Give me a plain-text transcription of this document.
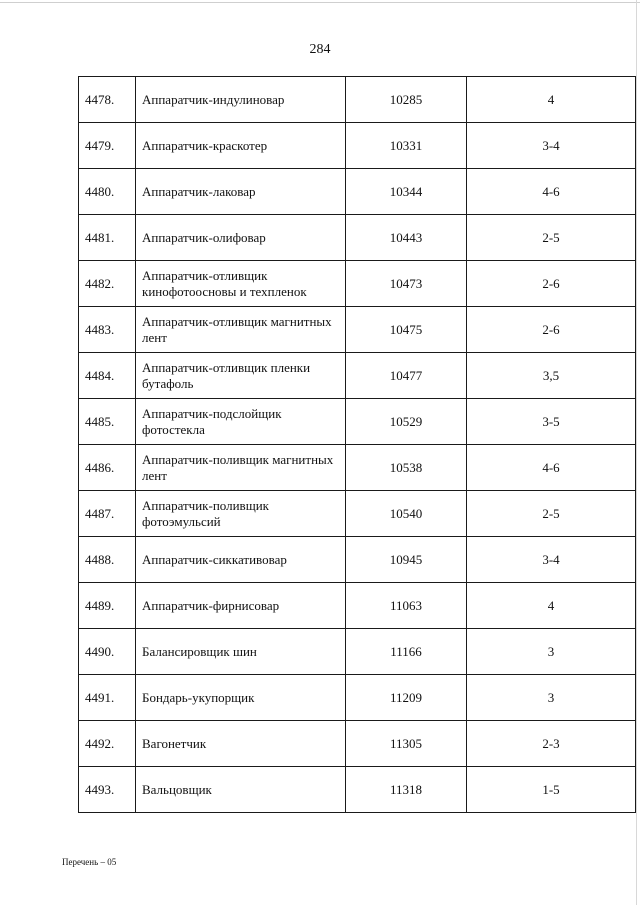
284
4478.	Аппаратчик-индулиновар	10285	4
4479.	Аппаратчик-краскотер	10331	3-4
4480.	Аппаратчик-лаковар	10344	4-6
4481.	Аппаратчик-олифовар	10443	2-5
4482.	Аппаратчик-отливщик кинофотоосновы и техпленок	10473	2-6
4483.	Аппаратчик-отливщик магнитных лент	10475	2-6
4484.	Аппаратчик-отливщик пленки бутафоль	10477	3,5
4485.	Аппаратчик-подслойщик фотостекла	10529	3-5
4486.	Аппаратчик-поливщик магнитных лент	10538	4-6
4487.	Аппаратчик-поливщик фотоэмульсий	10540	2-5
4488.	Аппаратчик-сиккативовар	10945	3-4
4489.	Аппаратчик-фирнисовар	11063	4
4490.	Балансировщик шин	11166	3
4491.	Бондарь-укупорщик	11209	3
4492.	Вагонетчик	11305	2-3
4493.	Вальцовщик	11318	1-5
Перечень – 05
